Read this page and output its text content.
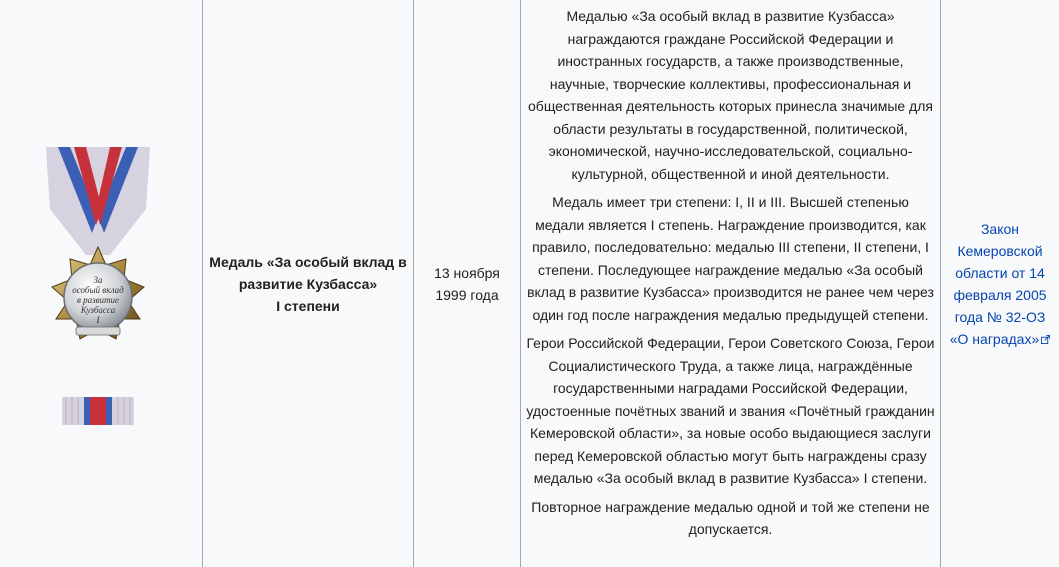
За
особый вклад
в развитие
Кузбасса
I
Медаль «За особый вклад в
развитие Кузбасса»
I степени
13 ноября
1999 года

Медалью «За особый вклад в развитие Кузбасса» награждаются граждане Российской Федерации и иностранных государств, а также производственные, научные, творческие коллективы, профессиональная и общественная деятельность которых принесла значимые для области результаты в государственной, политической, экономической, научно-исследовательской, социально-культурной, общественной и иной деятельности.

Медаль имеет три степени: I, II и III. Высшей степенью медали является I степень. Награждение производится, как правило, последовательно: медалью III степени, II степени, I степени. Последующее награждение медалью «За особый вклад в развитие Кузбасса» производится не ранее чем через один год после награждения медалью предыдущей степени.

Герои Российской Федерации, Герои Советского Союза, Герои Социалистического Труда, а также лица, награждённые государственными наградами Российской Федерации, удостоенные почётных званий и звания «Почётный гражданин Кемеровской области», за новые особо выдающиеся заслуги перед Кемеровской областью могут быть награждены сразу медалью «За особый вклад в развитие Кузбасса» I степени.

Повторное награждение медалью одной и той же степени не допускается.

Закон Кемеровской области от 14 февраля 2005 года № 32-ОЗ «О наградах»
